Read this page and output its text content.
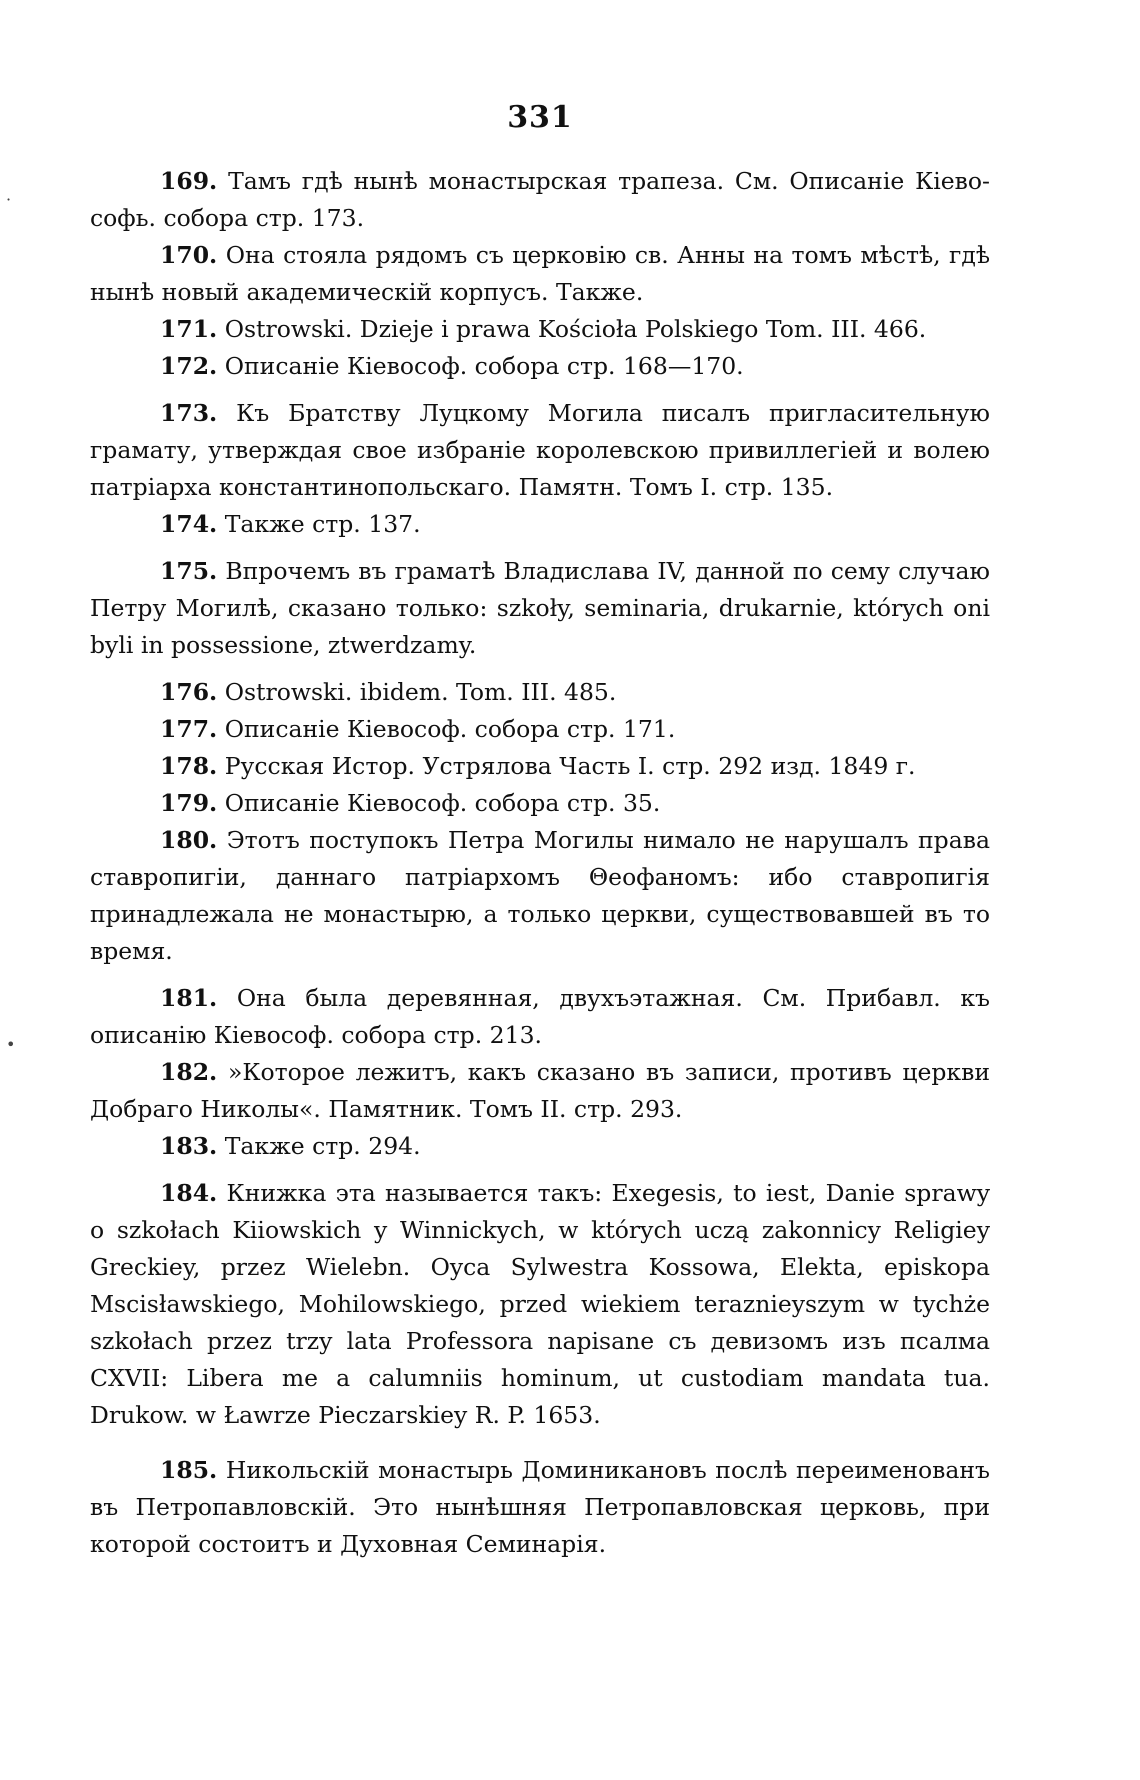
331

169. Тамъ гдѣ нынѣ монастырская трапеза. См. Описаніе Кіево-софь. собора стр. 173.

170. Она стояла рядомъ съ церковію св. Анны на томъ мѣстѣ, гдѣ нынѣ новый академическій корпусъ. Также.

171. Ostrowski. Dzieje i prawa Kościoła Polskiego Tom. III. 466.

172. Описаніе Кіевософ. собора стр. 168—170.

173. Къ Братству Луцкому Могила писалъ пригласительную грамату, утверждая свое избраніе королевскою привиллегіей и волею патріарха константинопольскаго. Памятн. Томъ I. стр. 135.

174. Также стр. 137.

175. Впрочемъ въ граматѣ Владислава IV, данной по сему случаю Петру Могилѣ, сказано только: szkoły, seminaria, drukarnie, których oni byli in possessione, ztwerdzamy.

176. Ostrowski. ibidem. Tom. III. 485.

177. Описаніе Кіевософ. собора стр. 171.

178. Русская Истор. Устрялова Часть I. стр. 292 изд. 1849 г.

179. Описаніе Кіевософ. собора стр. 35.

180. Этотъ поступокъ Петра Могилы нимало не нарушалъ права ставропигіи, даннаго патріархомъ Θеофаномъ: ибо ставропигія принадлежала не монастырю, а только церкви, существовавшей въ то время.

181. Она была деревянная, двухъэтажная. См. Прибавл. къ описанію Кіевософ. собора стр. 213.

182. »Которое лежитъ, какъ сказано въ записи, противъ церкви Добраго Николы«. Памятник. Томъ II. стр. 293.

183. Также стр. 294.

184. Книжка эта называется такъ: Exegesis, to iest, Danie sprawy o szkołach Kiiowskich y Winnickych, w których uczą zakonnicy Religiey Greckiey, przez Wielebn. Oyca Sylwestra Kossowa, Elekta, episkopa Mscisławskiego, Mohilowskiego, przed wiekiem teraznieyszym w tychże szkołach przez trzy lata Professora napisane съ девизомъ изъ псалма CXVII: Libera me a calumniis hominum, ut custodiam mandata tua. Drukow. w Ławrze Pieczarskiey R. P. 1653.

185. Никольскій монастырь Доминикановъ послѣ переименованъ въ Петропавловскій. Это нынѣшняя Петропавловская церковь, при которой состоитъ и Духовная Семинарія.

·
•
